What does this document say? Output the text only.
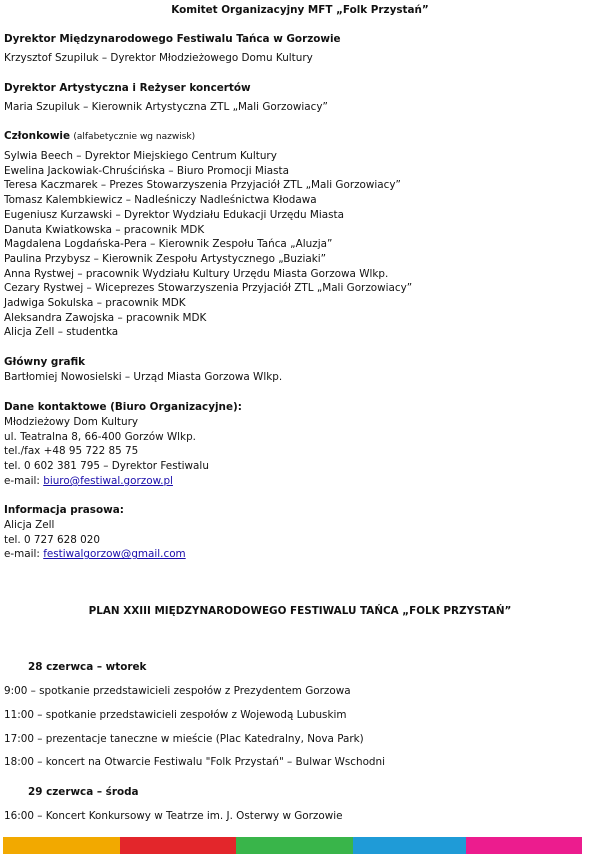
Komitet Organizacyjny MFT „Folk Przystań”
Dyrektor Międzynarodowego Festiwalu Tańca w Gorzowie
Krzysztof Szupiluk – Dyrektor Młodzieżowego Domu Kultury
Dyrektor Artystyczna i Reżyser koncertów
Maria Szupiluk – Kierownik Artystyczna ZTL „Mali Gorzowiacy”
Członkowie (alfabetycznie wg nazwisk)
Sylwia Beech – Dyrektor Miejskiego Centrum Kultury
Ewelina Jackowiak-Chruścińska – Biuro Promocji Miasta
Teresa Kaczmarek – Prezes Stowarzyszenia Przyjaciół ZTL „Mali Gorzowiacy”
Tomasz Kalembkiewicz – Nadleśniczy Nadleśnictwa Kłodawa
Eugeniusz Kurzawski – Dyrektor Wydziału Edukacji Urzędu Miasta
Danuta Kwiatkowska – pracownik MDK
Magdalena Logdańska-Pera – Kierownik Zespołu Tańca „Aluzja”
Paulina Przybysz – Kierownik Zespołu Artystycznego „Buziaki”
Anna Rystwej – pracownik Wydziału Kultury Urzędu Miasta Gorzowa Wlkp.
Cezary Rystwej – Wiceprezes Stowarzyszenia Przyjaciół ZTL „Mali Gorzowiacy”
Jadwiga Sokulska – pracownik MDK
Aleksandra Zawojska – pracownik MDK
Alicja Zell – studentka
Główny grafik
Bartłomiej Nowosielski – Urząd Miasta Gorzowa Wlkp.
Dane kontaktowe (Biuro Organizacyjne):
Młodzieżowy Dom Kultury
ul. Teatralna 8, 66-400 Gorzów Wlkp.
tel./fax +48 95 722 85 75
tel. 0 602 381 795 – Dyrektor Festiwalu
e-mail: biuro@festiwal.gorzow.pl
Informacja prasowa:
Alicja Zell
tel. 0 727 628 020
e-mail: festiwalgorzow@gmail.com
PLAN XXIII MIĘDZYNARODOWEGO FESTIWALU TAŃCA „FOLK PRZYSTAŃ”
28 czerwca – wtorek
9:00 – spotkanie przedstawicieli zespołów z Prezydentem Gorzowa
11:00 – spotkanie przedstawicieli zespołów z Wojewodą Lubuskim
17:00 – prezentacje taneczne w mieście (Plac Katedralny, Nova Park)
18:00 – koncert na Otwarcie Festiwalu "Folk Przystań" – Bulwar Wschodni
29 czerwca – środa
16:00 – Koncert Konkursowy w Teatrze im. J. Osterwy w Gorzowie
